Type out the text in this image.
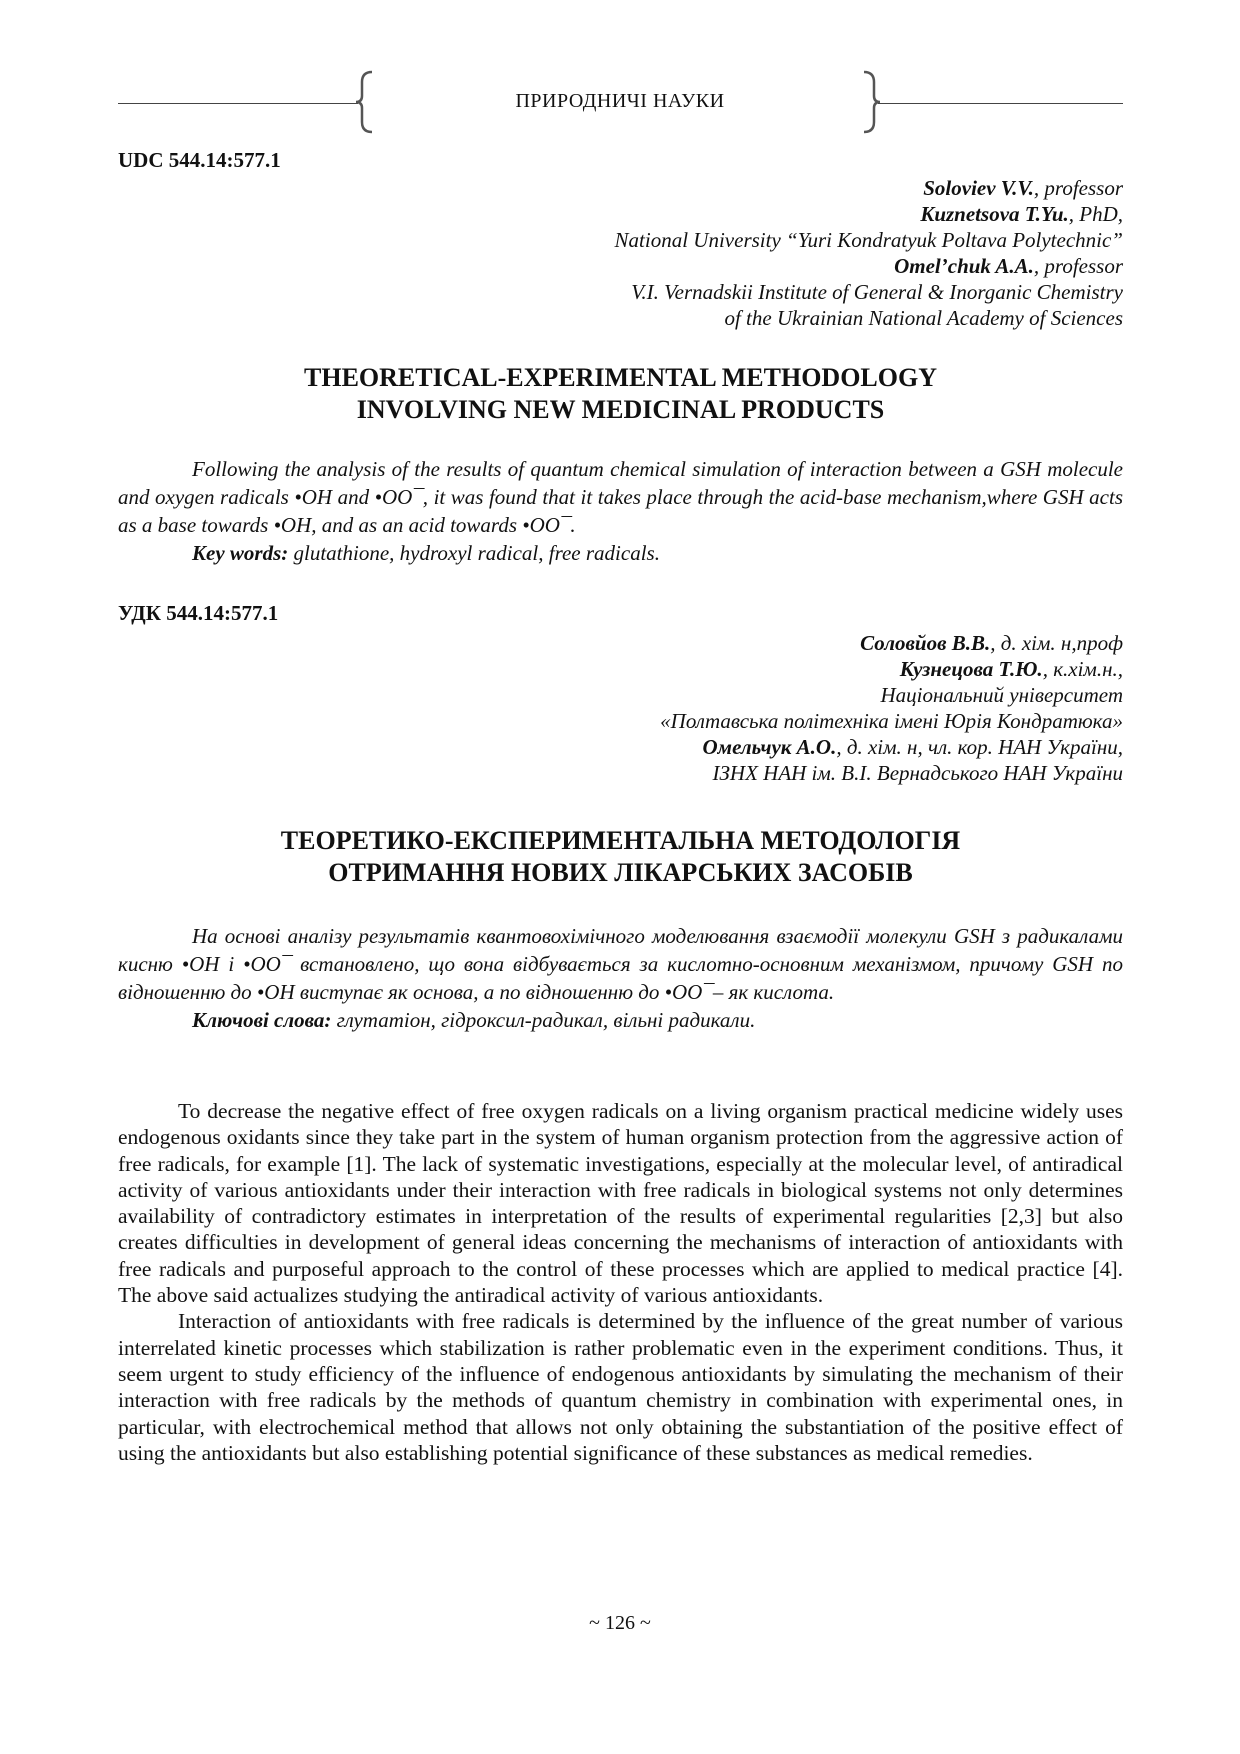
ПРИРОДНИЧІ НАУКИ
UDC 544.14:577.1
Soloviev V.V., professor
Kuznetsova T.Yu., PhD,
National University “Yuri Kondratyuk Poltava Polytechnic”
Omel’chuk A.A., professor
V.I. Vernadskii Institute of General & Inorganic Chemistry
of the Ukrainian National Academy of Sciences
THEORETICAL-EXPERIMENTAL METHODOLOGY
INVOLVING NEW MEDICINAL PRODUCTS

Following the analysis of the results of quantum chemical simulation of interaction between a GSH molecule and oxygen radicals •OH and •OO¯, it was found that it takes place through the acid-base mechanism,where GSH acts as a base towards •OH, and as an acid towards •OO¯.

Key words: glutathione, hydroxyl radical, free radicals.

УДК 544.14:577.1
Соловйов В.В., д. хім. н,проф
Кузнецова Т.Ю., к.хім.н.,
Національний університет
«Полтавська політехніка імені Юрія Кондратюка»
Омельчук А.О., д. хім. н, чл. кор. НАН України,
ІЗНХ НАН ім. В.І. Вернадського НАН України
ТЕОРЕТИКО-ЕКСПЕРИМЕНТАЛЬНА МЕТОДОЛОГІЯ
ОТРИМАННЯ НОВИХ ЛІКАРСЬКИХ ЗАСОБІВ

На основі аналізу результатів квантовохімічного моделювання взаємодії молекули GSH з радикалами кисню •OH і •OO¯ встановлено, що вона відбувається за кислотно-основним механізмом, причому GSH по відношенню до •OH виступає як основа, а по відношенню до •OO¯– як кислота.

Ключові слова: глутатіон, гідроксил-радикал, вільні радикали.

To decrease the negative effect of free oxygen radicals on a living organism practical medicine widely uses endogenous oxidants since they take part in the system of human organism protection from the aggressive action of free radicals, for example [1]. The lack of systematic investigations, especially at the molecular level, of antiradical activity of various antioxidants under their interaction with free radicals in biological systems not only determines availability of contradictory estimates in interpretation of the results of experimental regularities [2,3] but also creates difficulties in development of general ideas concerning the mechanisms of interaction of antioxidants with free radicals and purposeful approach to the control of these processes which are applied to medical practice [4]. The above said actualizes studying the antiradical activity of various antioxidants.

Interaction of antioxidants with free radicals is determined by the influence of the great number of various interrelated kinetic processes which stabilization is rather problematic even in the experiment conditions. Thus, it seem urgent to study efficiency of the influence of endogenous antioxidants by simulating the mechanism of their interaction with free radicals by the methods of quantum chemistry in combination with experimental ones, in particular, with electrochemical method that allows not only obtaining the substantiation of the positive effect of using the antioxidants but also establishing potential significance of these substances as medical remedies.

~ 126 ~
